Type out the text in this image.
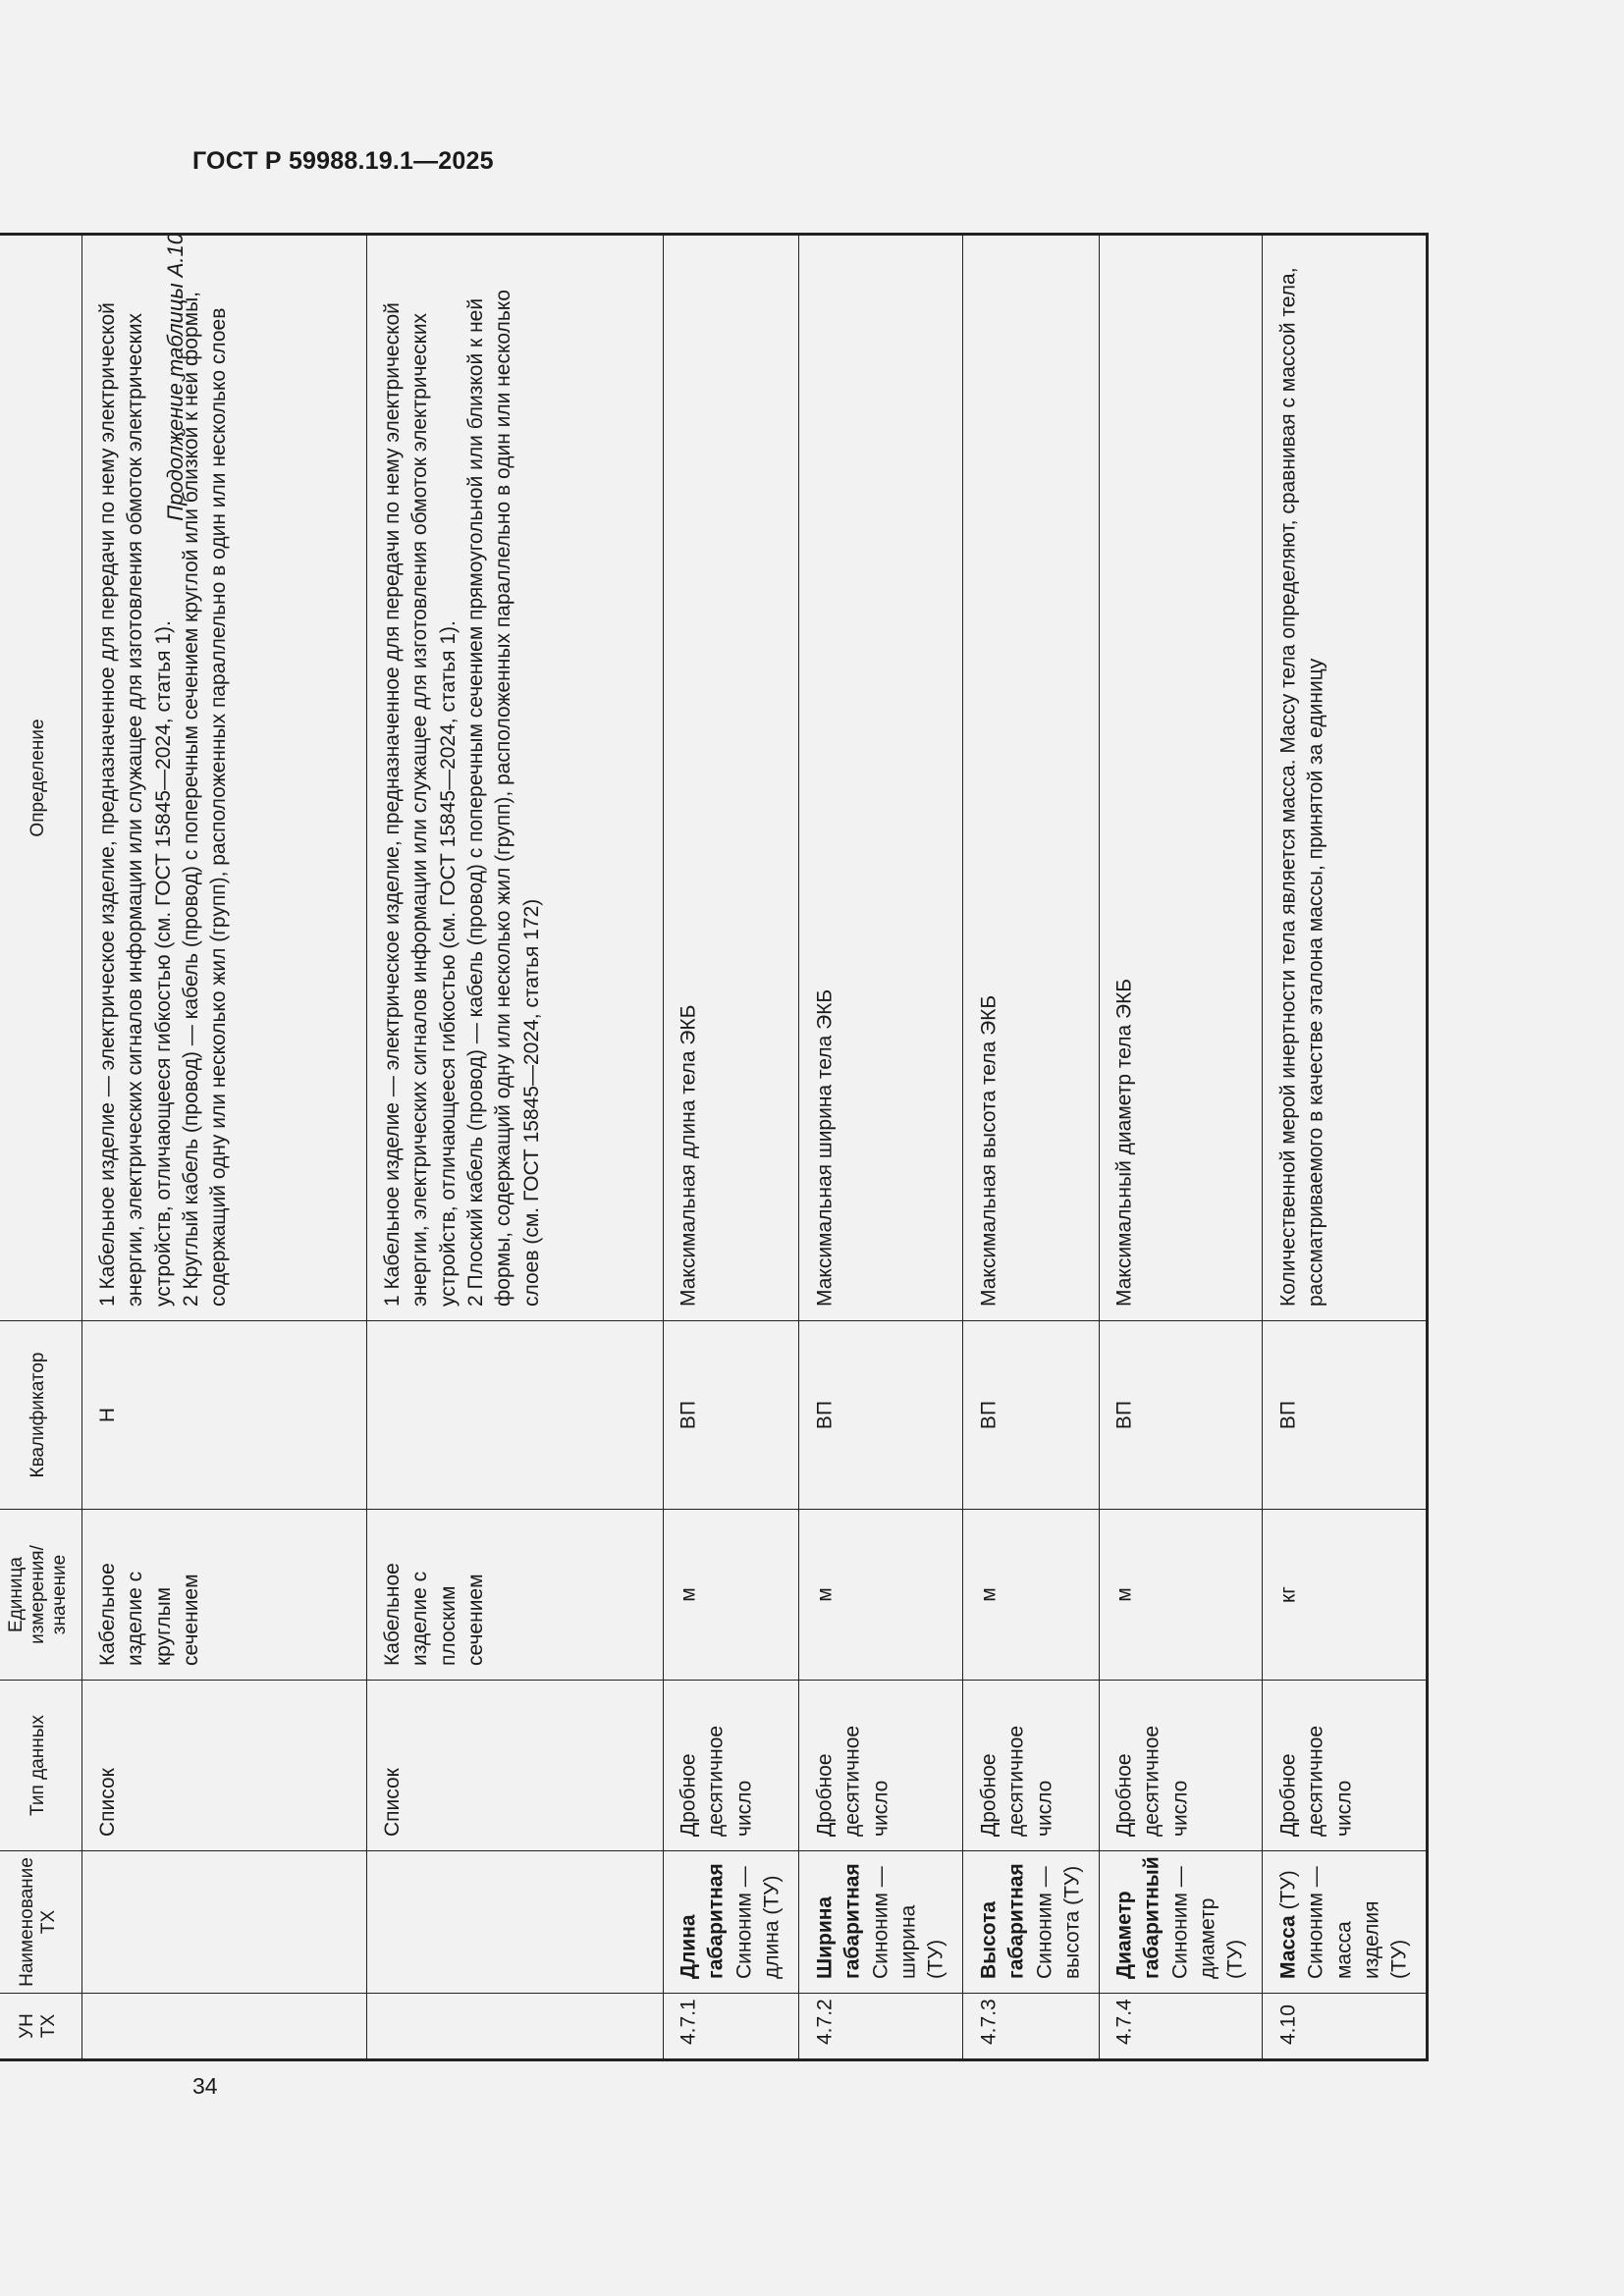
ГОСТ Р 59988.19.1—2025
Продолжение таблицы А.10	Количественной мерой инертности тела является масса. Массу тела определяют, сравнивая с массой тела, рассматриваемого в качестве эталона массы, принятой за единицу	ВП	кг	Дробное десятичное число	Масса (ТУ) Синоним — масса изделия (ТУ)	4.10

Максимальный диаметр тела ЭКБ	ВП	м	Дробное десятичное число	Диаметр габаритный Синоним — диаметр (ТУ)	4.7.4

Максимальная высота тела ЭКБ	ВП	м	Дробное десятичное число	Высота габаритная Синоним — высота (ТУ)	4.7.3

Максимальная ширина тела ЭКБ	ВП	м	Дробное десятичное число	Ширина габаритная Синоним — ширина (ТУ)	4.7.2

Максимальная длина тела ЭКБ	ВП	м	Дробное десятичное число	Длина габаритная Синоним — длина (ТУ)	4.7.1

1 Кабельное изделие — электрическое изделие, предназначенное для передачи по нему электрической энергии, электрических сигналов информации или служащее для изготовления обмоток электрических устройств, отличающееся гибкостью (см. ГОСТ 15845—2024, статья 1). 2 Плоский кабель (провод) — кабель (провод) с поперечным сечением прямоугольной или близкой к ней формы, содержащий одну или несколько жил (групп), расположенных параллельно в один или несколько слоев (см. ГОСТ 15845—2024, статья 172)		Кабельное изделие с плоским сечением	Список		

1 Кабельное изделие — электрическое изделие, предназначенное для передачи по нему электрической энергии, электрических сигналов информации или служащее для изготовления обмоток электрических устройств, отличающееся гибкостью (см. ГОСТ 15845—2024, статья 1). 2 Круглый кабель (провод) — кабель (провод) с поперечным сечением круглой или близкой к ней формы, содержащий одну или несколько жил (групп), расположенных параллельно в один или несколько слоев	Н	Кабельное изделие с круглым сечением	Список		

Определение	Квалификатор	Единица измерения/значение	Тип данных	Наименование ТХ	УН ТХ
34
